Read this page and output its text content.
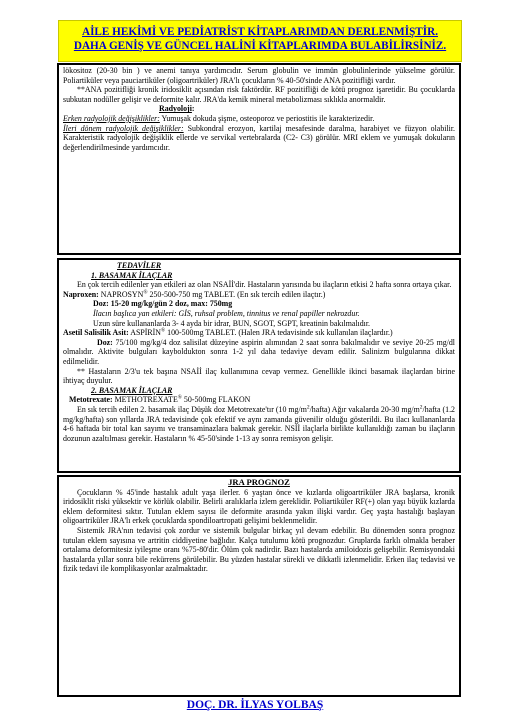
AİLE HEKİMİ VE PEDİATRİST KİTAPLARIMDAN DERLENMİŞTİR.
DAHA GENİŞ VE GÜNCEL HALİNİ KİTAPLARIMDA BULABİLİRSİNİZ.

lökositoz (20-30 bin ) ve anemi tanıya yardımcıdır. Serum globulin ve immün globulinlerinde yükselme görülür. Poliartiküler veya pauciartiküler (oligoartriküler) JRA'lı çocukların % 40-50'sinde ANA pozitifliği vardır.

**ANA pozitifliği kronik iridosiklit açısından risk faktördür. RF pozitifliği de kötü prognoz işaretidir. Bu çocuklarda subkutan nodüller gelişir ve deformite kalır. JRA'da kemik mineral metabolizması sıklıkla anormaldir.

Radyoloji:

Erken radyolojik değişiklikler: Yumuşak dokuda şişme, osteoporoz ve periostitis ile karakterizedir.

İleri dönem radyolojik değişiklikler: Subkondral erozyon, kartilaj mesafesinde daralma, harabiyet ve füzyon olabilir. Karakteristik radyolojik değişiklik ellerde ve servikal vertebralarda (C2- C3) görülür. MRI eklem ve yumuşak dokuların değerlendirilmesinde yardımcıdır.

TEDAVİLER

1. BASAMAK İLAÇLAR

En çok tercih edilenler yan etkileri az olan NSAİİ'dir. Hastaların yarısında bu ilaçların etkisi 2 hafta sonra ortaya çıkar.

Naproxen: NAPROSYN® 250-500-750 mg TABLET. (En sık tercih edilen ilaçtır.)

Doz: 15-20 mg/kg/gün 2 doz, max: 750mg

İlacın başlıca yan etkileri: GİS, ruhsal problem, tinnitus ve renal papiller nekrozdur.

Uzun süre kullananlarda 3- 4 ayda bir idrar, BUN, SGOT, SGPT, kreatinin bakılmalıdır.

Asetil Salisilik Asit: ASPİRİN® 100-500mg TABLET. (Halen JRA tedavisinde sık kullanılan ilaçlardır.)

Doz: 75/100 mg/kg/4 doz salisilat düzeyine aspirin alımından 2 saat sonra bakılmalıdır ve seviye 20-25 mg/dl olmalıdır. Aktivite bulguları kayboldukton sonra 1-2 yıl daha tedaviye devam edilir. Salinizm bulgularına dikkat edilmelidir.

** Hastaların 2/3'u tek başına NSAİİ ilaç kullanımına cevap vermez. Genellikle ikinci basamak ilaçlardan birine ihtiyaç duyulur.

2. BASAMAK İLAÇLAR

Metotrexate: METHOTREXATE® 50-500mg FLAKON

En sık tercih edilen 2. basamak ilaç Düşük doz Metotrexate'tır (10 $mg/m^2/hafta$) Ağır vakalarda 20-30 $mg/m^2$/hafta (1.2 mg/kg/hafta) son yıllarda JRA tedavisinde çok efektif ve aynı zamanda güvenilir olduğu gösterildi. Bu ilacı kullananlarda 4-6 haftada bir total kan sayımı ve transaminazlara bakmak gerekir. NSİİ ilaçlarla birlikte kullanıldığı zaman bu ilaçların dozunun azaltılması gerekir. Hastaların % 45-50'sinde 1-13 ay sonra remisyon gelişir.

JRA PROGNOZ

Çocukların % 45'inde hastalık adult yaşa ilerler. 6 yaştan önce ve kızlarda oligoartriküler JRA başlarsa, kronik iridosiklit riski yüksektir ve körlük olabilir. Belirli aralıklarla izlem gereklidir. Poliartiküler RF(+) olan yaşı büyük kızlarda eklem deformitesi sıktır. Tutulan eklem sayısı ile deformite arasında yakın ilişki vardır. Geç yaşta hastalığı başlayan oligoartriküler JRA'lı erkek çocuklarda spondiloartropati gelişimi beklenmelidir.

Sistemik JRA'nın tedavisi çok zordur ve sistemik bulgular birkaç yıl devam edebilir. Bu dönemden sonra prognoz tutulan eklem sayısına ve artritin ciddiyetine bağlıdır. Kalça tutulumu kötü prognozdur. Gruplarda farklı olmakla beraber ortalama deformitesiz iyileşme oranı %75-80'dir. Ölüm çok nadirdir. Bazı hastalarda amiloidozis gelişebilir. Remisyondaki hastalarda yıllar sonra bile rekürrens görülebilir. Bu yüzden hastalar sürekli ve dikkatli izlenmelidir. Erken ilaç tedavisi ve fizik tedavi ile komplikasyonlar azalmaktadır.

DOÇ. DR. İLYAS YOLBAŞ
